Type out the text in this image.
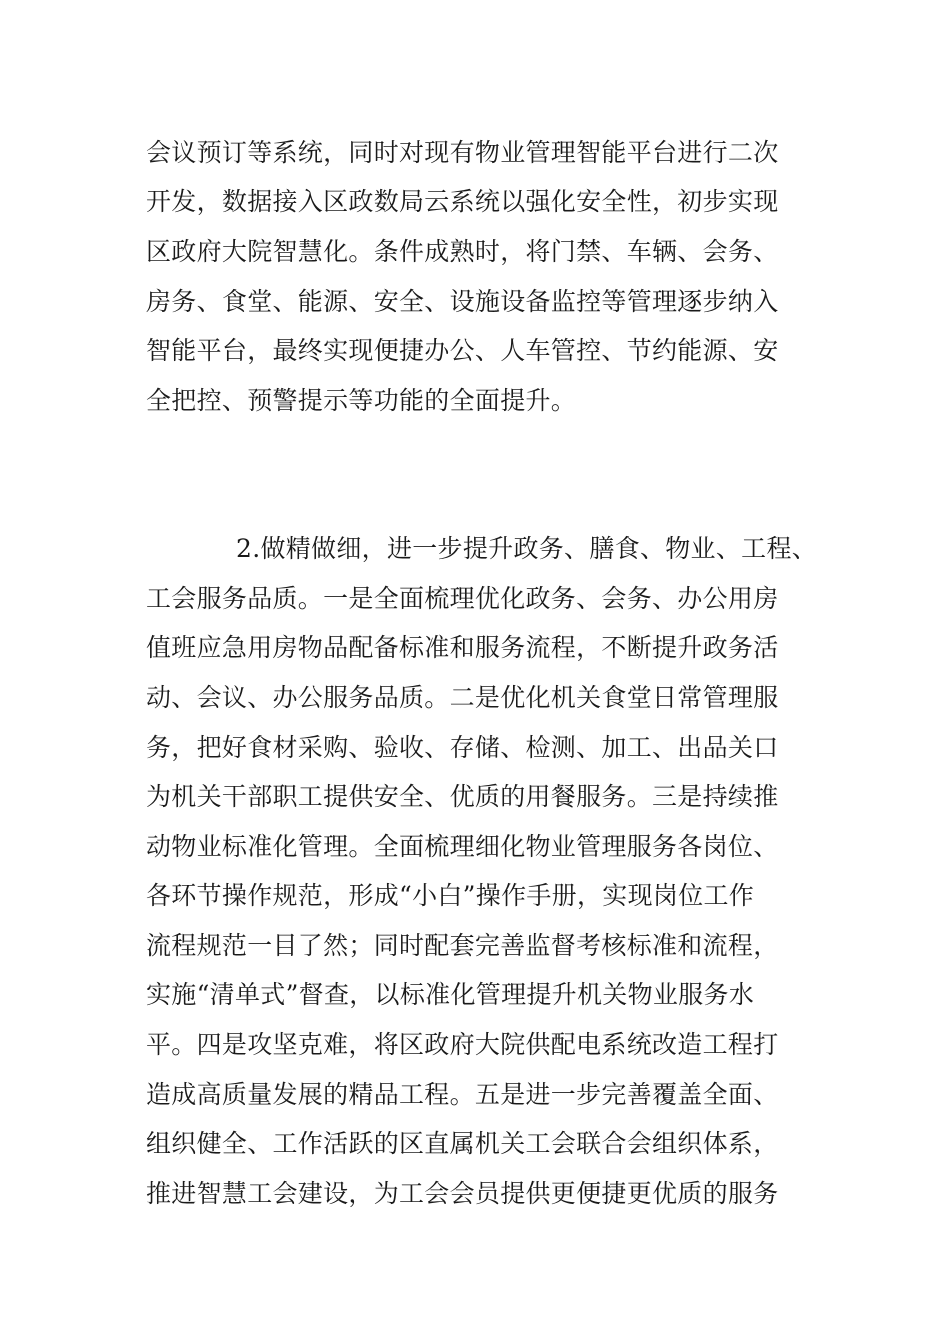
会议预订等系统，同时对现有物业管理智能平台进行二次
开发，数据接入区政数局云系统以强化安全性，初步实现
区政府大院智慧化。条件成熟时，将门禁、车辆、会务、
房务、食堂、能源、安全、设施设备监控等管理逐步纳入
智能平台，最终实现便捷办公、人车管控、节约能源、安
全把控、预警提示等功能的全面提升。
2.做精做细，进一步提升政务、膳食、物业、工程、
工会服务品质。一是全面梳理优化政务、会务、办公用房
值班应急用房物品配备标准和服务流程，不断提升政务活
动、会议、办公服务品质。二是优化机关食堂日常管理服
务，把好食材采购、验收、存储、检测、加工、出品关口
为机关干部职工提供安全、优质的用餐服务。三是持续推
动物业标准化管理。全面梳理细化物业管理服务各岗位、
各环节操作规范，形成“小白”操作手册，实现岗位工作
流程规范一目了然；同时配套完善监督考核标准和流程，
实施“清单式”督查，以标准化管理提升机关物业服务水
平。四是攻坚克难，将区政府大院供配电系统改造工程打
造成高质量发展的精品工程。五是进一步完善覆盖全面、
组织健全、工作活跃的区直属机关工会联合会组织体系，
推进智慧工会建设，为工会会员提供更便捷更优质的服务
